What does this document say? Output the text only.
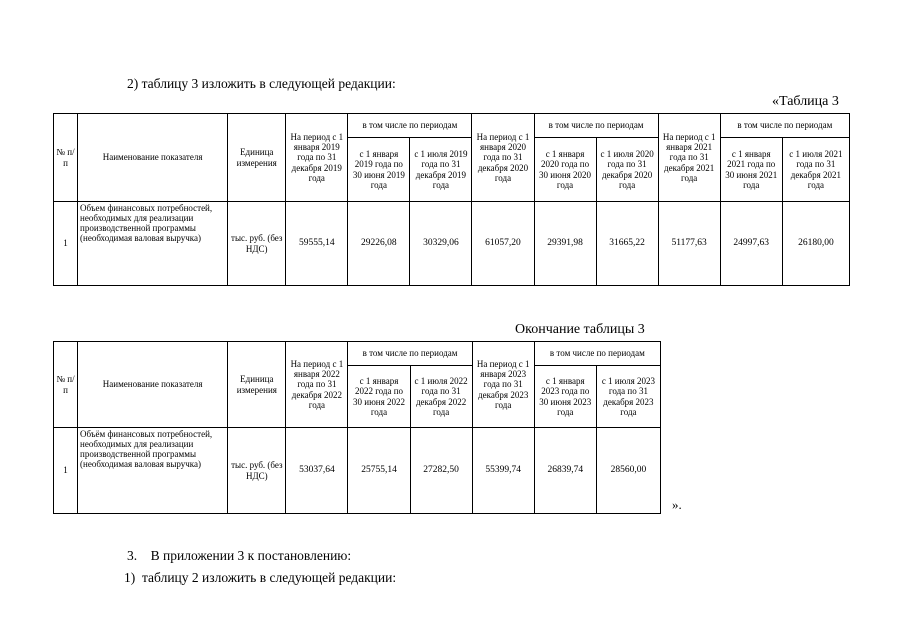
2) таблицу 3 изложить в следующей редакции:
«Таблица 3
№ п/п	Наименование показателя	Единица измерения	На период с 1 января 2019 года по 31 декабря 2019 года	в том числе по периодам		На период с 1 января 2020 года по 31 декабря 2020 года	в том числе по периодам		На период с 1 января 2021 года по 31 декабря 2021 года	в том числе по периодам	
				с 1 января 2019 года по 30 июня 2019 года	с 1 июля 2019 года по 31 декабря 2019 года		с 1 января 2020 года по 30 июня 2020 года	с 1 июля 2020 года по 31 декабря 2020 года		с 1 января 2021 года по 30 июня 2021 года	с 1 июля 2021 года по 31 декабря 2021 года
1	Объем финансовых потребностей, необходимых для реализации производственной программы (необходимая валовая выручка)	тыс. руб. (без НДС)	59555,14	29226,08	30329,06	61057,20	29391,98	31665,22	51177,63	24997,63	26180,00
Окончание таблицы 3
№ п/п	Наименование показателя	Единица измерения	На период с 1 января 2022 года по 31 декабря 2022 года	в том числе по периодам		На период с 1 января 2023 года по 31 декабря 2023 года	в том числе по периодам	
				с 1 января 2022 года по 30 июня 2022 года	с 1 июля 2022 года по 31 декабря 2022 года		с 1 января 2023 года по 30 июня 2023 года	с 1 июля 2023 года по 31 декабря 2023 года
1	Объём финансовых потребностей, необходимых для реализации производственной программы (необходимая валовая выручка)	тыс. руб. (без НДС)	53037,64	25755,14	27282,50	55399,74	26839,74	28560,00
».
3.    В приложении 3 к постановлению:
1)  таблицу 2 изложить в следующей редакции:
